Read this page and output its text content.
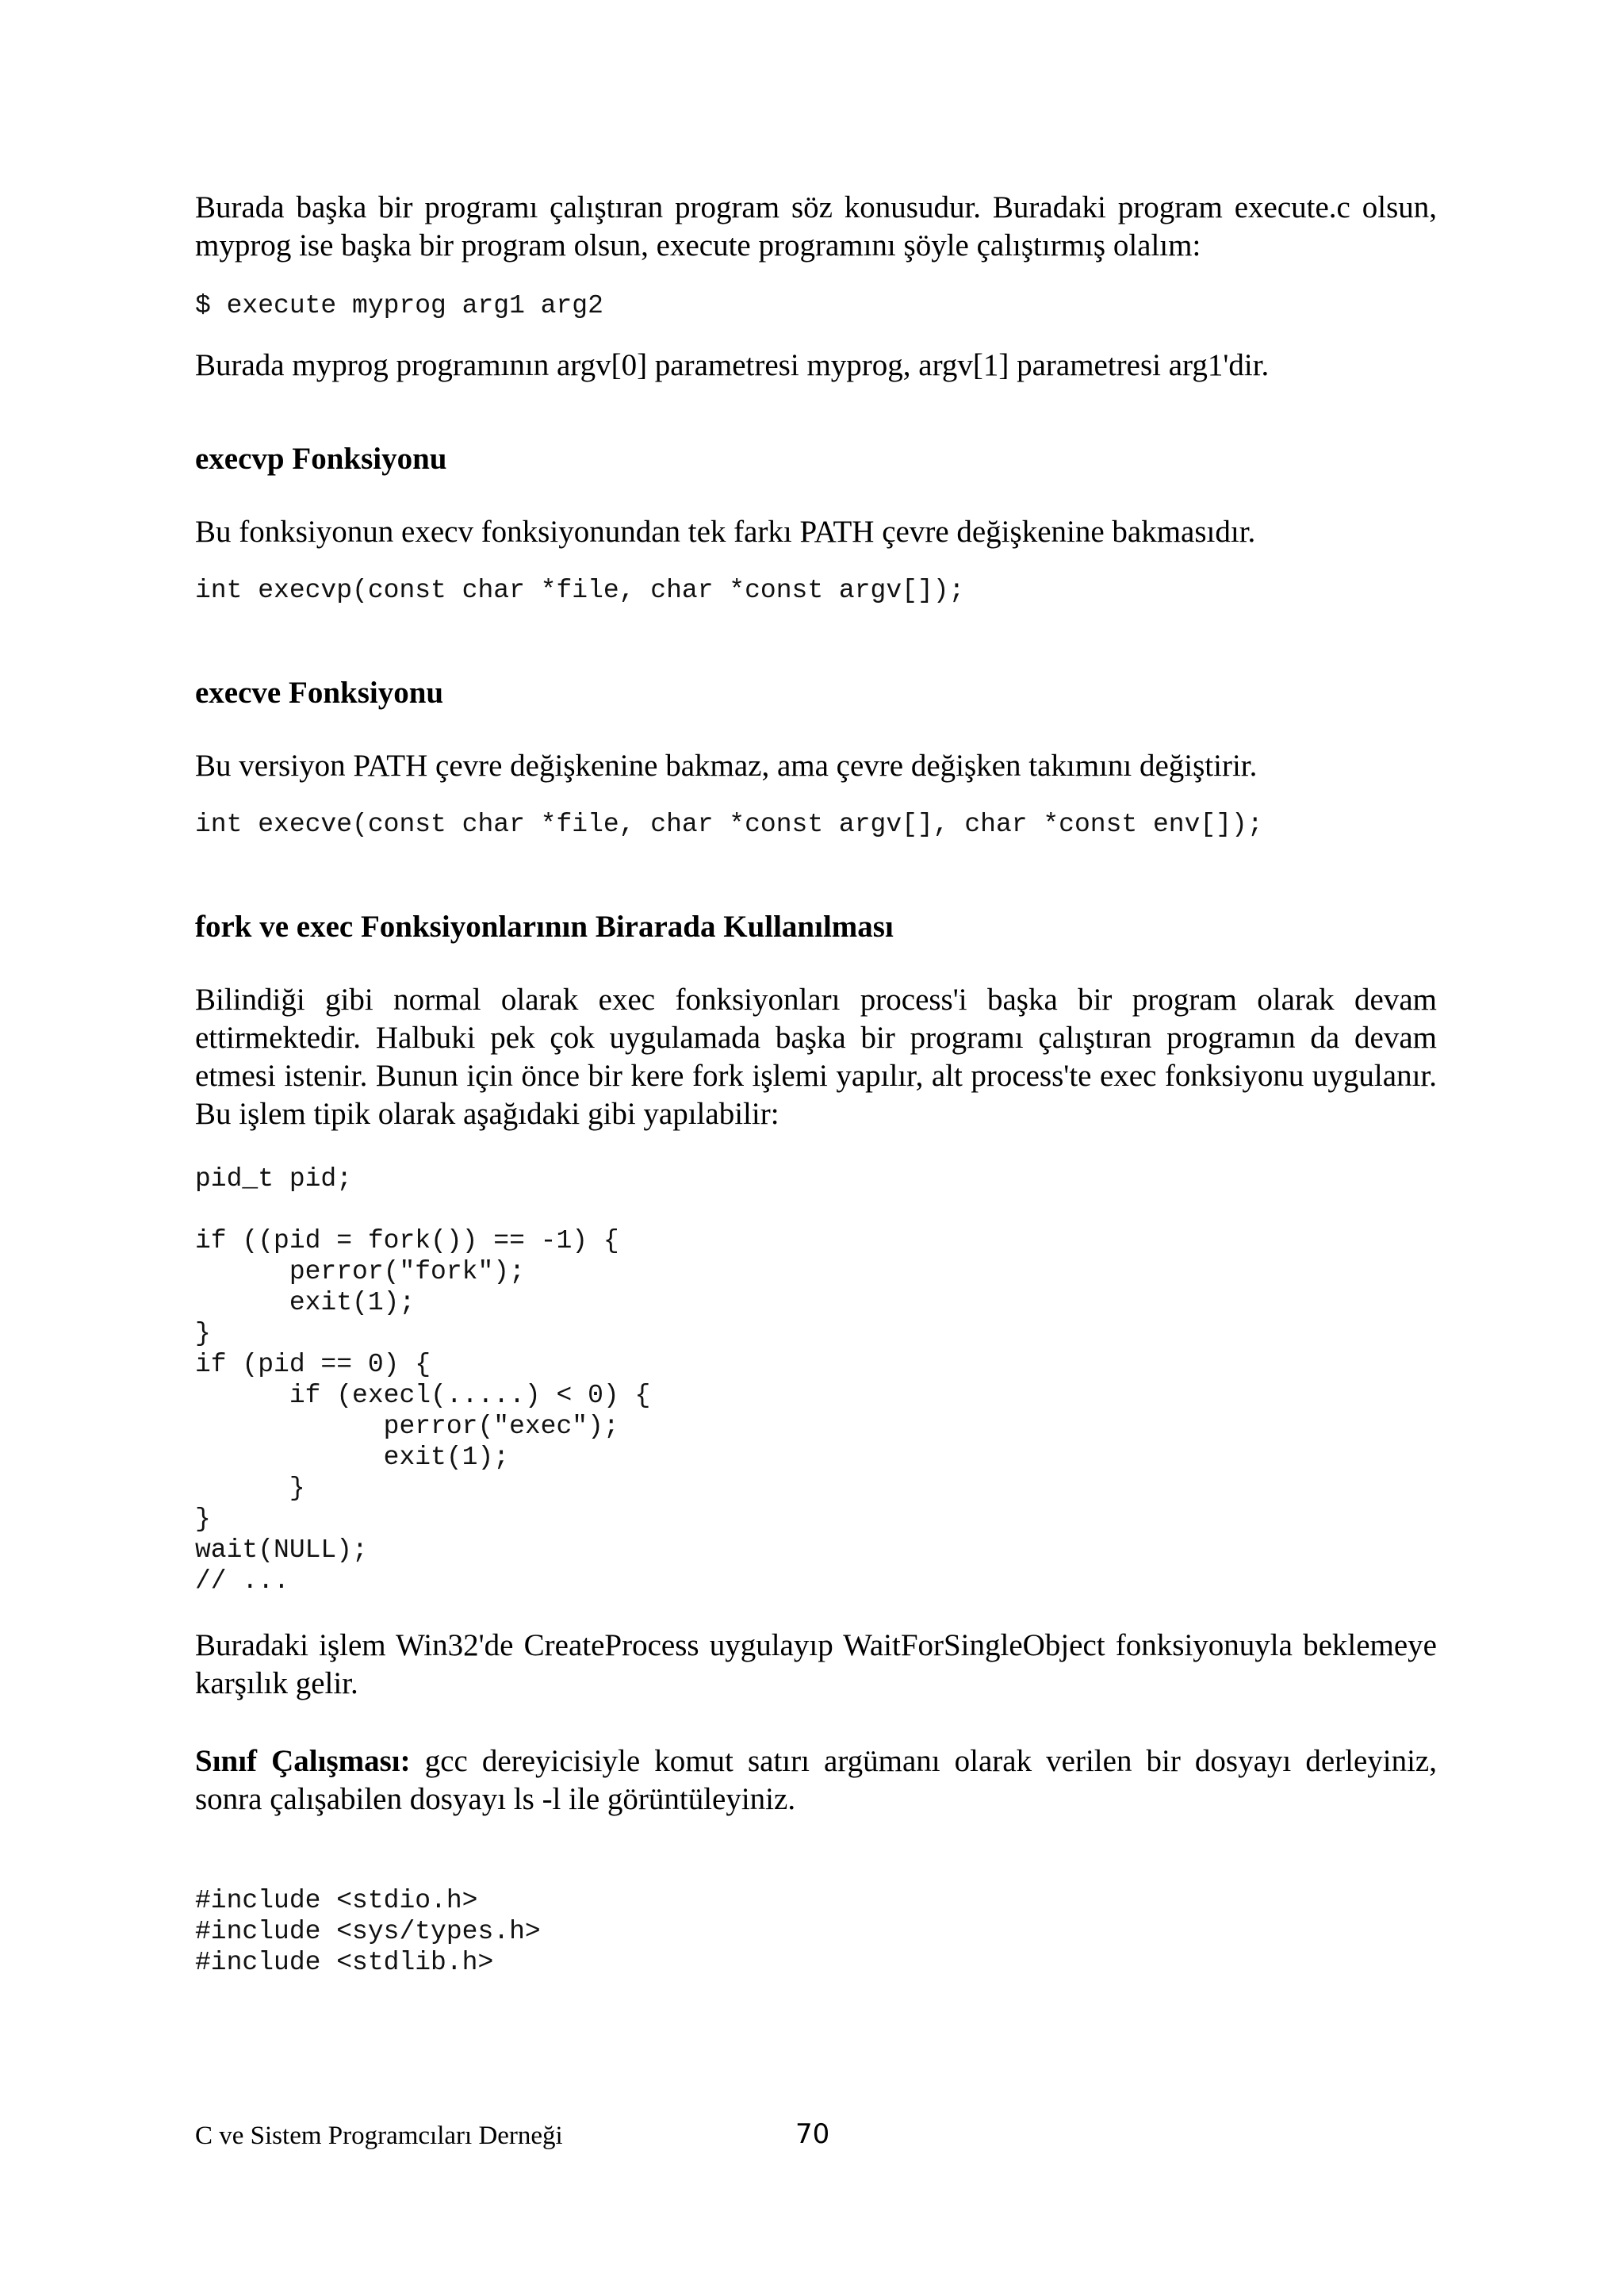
Burada başka bir programı çalıştıran program söz konusudur. Buradaki program execute.c olsun, myprog ise başka bir program olsun, execute programını şöyle çalıştırmış olalım:

$ execute myprog arg1 arg2

Burada myprog programının argv[0] parametresi myprog, argv[1] parametresi arg1'dir.

execvp Fonksiyonu

Bu fonksiyonun execv fonksiyonundan tek farkı PATH çevre değişkenine bakmasıdır.

int execvp(const char *file, char *const argv[]);
execve Fonksiyonu

Bu versiyon PATH çevre değişkenine bakmaz, ama çevre değişken takımını değiştirir.

int execve(const char *file, char *const argv[], char *const env[]);
fork ve exec Fonksiyonlarının Birarada Kullanılması

Bilindiği gibi normal olarak exec fonksiyonları process'i başka bir program olarak devam ettirmektedir. Halbuki pek çok uygulamada başka bir programı çalıştıran programın da devam etmesi istenir. Bunun için önce bir kere fork işlemi yapılır, alt process'te exec fonksiyonu uygulanır. Bu işlem tipik olarak aşağıdaki gibi yapılabilir:

pid_t pid;

if ((pid = fork()) == -1) {
perror("fork");
exit(1);
}
if (pid == 0) {
if (execl(.....) < 0) {
perror("exec");
exit(1);
}
}
wait(NULL);
// ...

Buradaki işlem Win32'de CreateProcess uygulayıp WaitForSingleObject fonksiyonuyla beklemeye karşılık gelir.

Sınıf Çalışması: gcc dereyicisiyle komut satırı argümanı olarak verilen bir dosyayı derleyiniz, sonra çalışabilen dosyayı ls -l ile görüntüleyiniz.

#include <stdio.h>
#include <sys/types.h>
#include <stdlib.h>
C ve Sistem Programcıları Derneği	70
